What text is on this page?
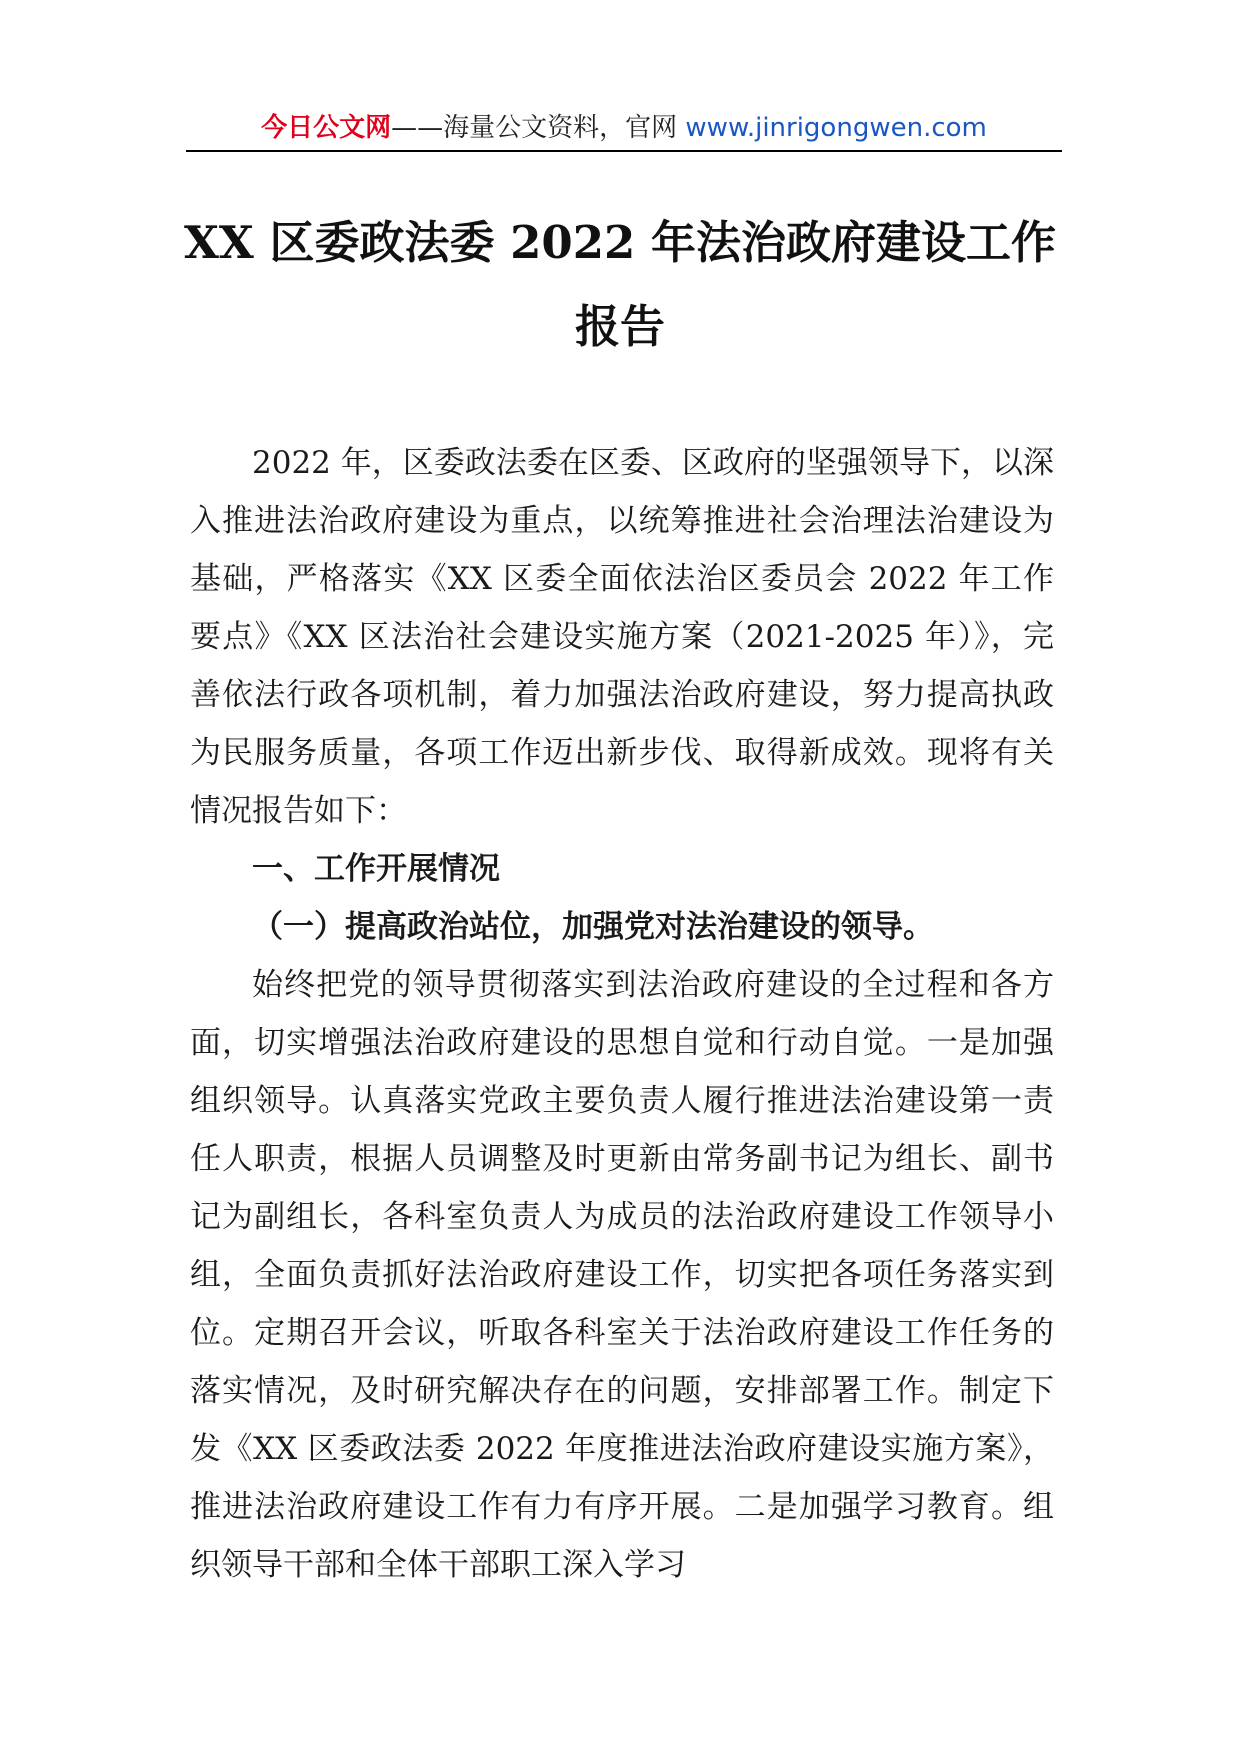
今日公文网——海量公文资料，官网 www.jinrigongwen.com
XX 区委政法委 2022 年法治政府建设工作
报告

2022 年，区委政法委在区委、区政府的坚强领导下，以深入推进法治政府建设为重点，以统筹推进社会治理法治建设为基础，严格落实《XX 区委全面依法治区委员会 2022 年工作要点》《XX 区法治社会建设实施方案（2021-2025 年）》，完善依法行政各项机制，着力加强法治政府建设，努力提高执政为民服务质量，各项工作迈出新步伐、取得新成效。现将有关情况报告如下：

一、工作开展情况

（一）提高政治站位，加强党对法治建设的领导。

始终把党的领导贯彻落实到法治政府建设的全过程和各方面，切实增强法治政府建设的思想自觉和行动自觉。一是加强组织领导。认真落实党政主要负责人履行推进法治建设第一责任人职责，根据人员调整及时更新由常务副书记为组长、副书记为副组长，各科室负责人为成员的法治政府建设工作领导小组，全面负责抓好法治政府建设工作，切实把各项任务落实到位。定期召开会议，听取各科室关于法治政府建设工作任务的落实情况，及时研究解决存在的问题，安排部署工作。制定下发《XX 区委政法委 2022 年度推进法治政府建设实施方案》，推进法治政府建设工作有力有序开展。二是加强学习教育。组织领导干部和全体干部职工深入学习
